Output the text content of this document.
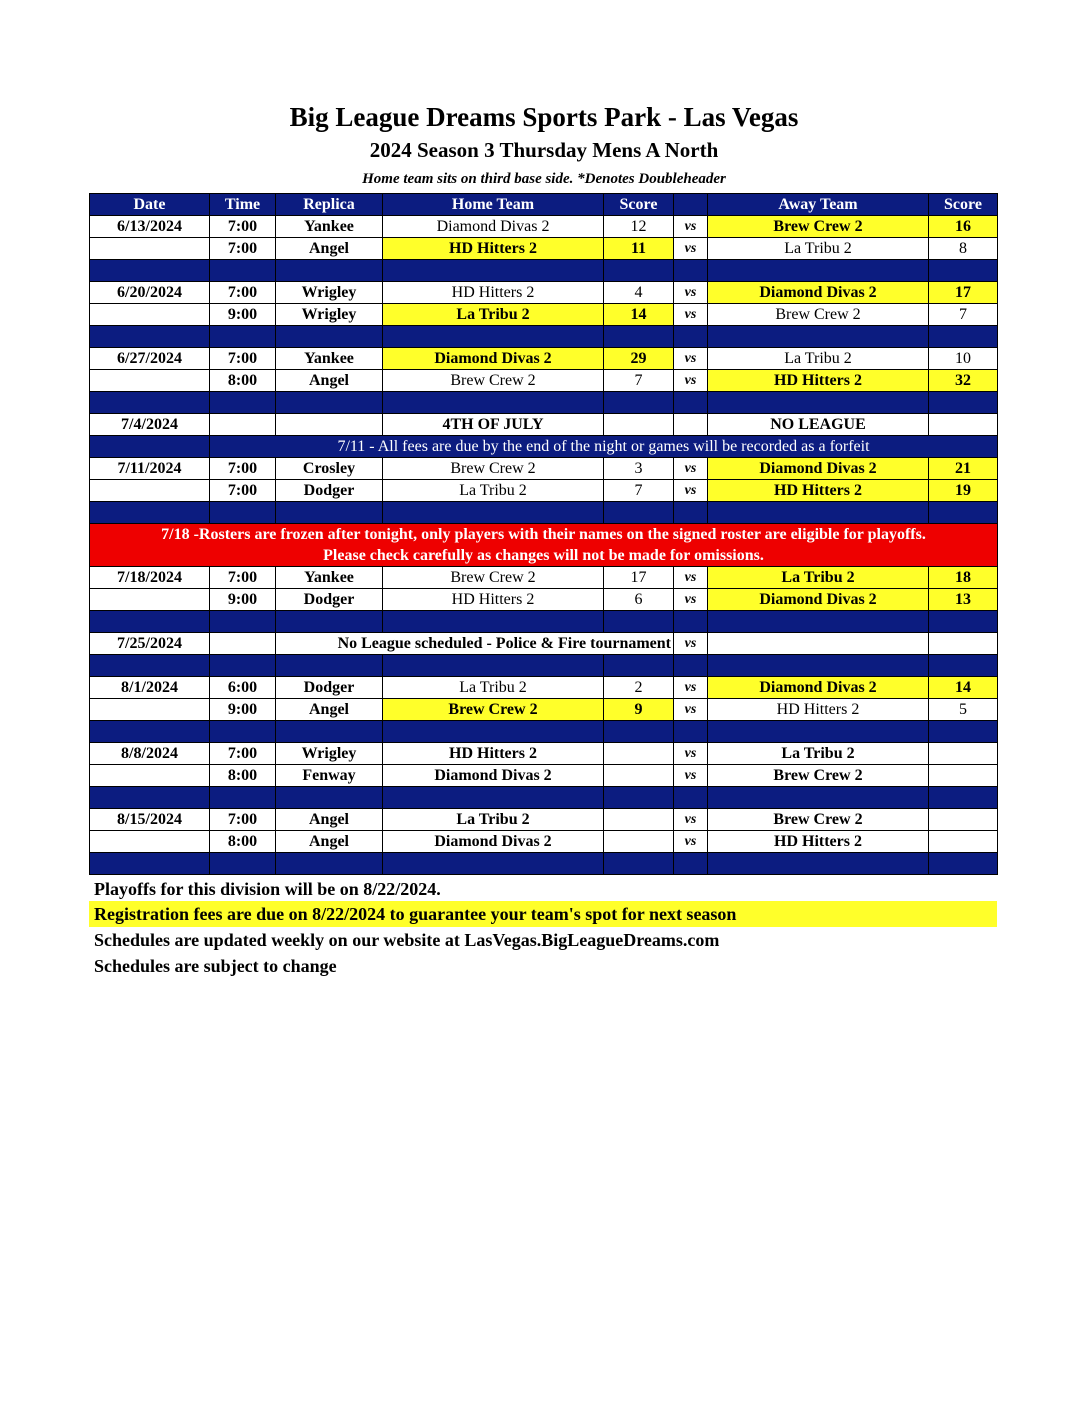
Big League Dreams Sports Park - Las Vegas
2024 Season 3 Thursday Mens A North
Home team sits on third base side. *Denotes Doubleheader
Date	Time	Replica	Home Team	Score		Away Team	Score
6/13/2024	7:00	Yankee	Diamond Divas 2	12	vs	Brew Crew 2	16
	7:00	Angel	HD Hitters 2	11	vs	La Tribu 2	8

6/20/2024	7:00	Wrigley	HD Hitters 2	4	vs	Diamond Divas 2	17
	9:00	Wrigley	La Tribu 2	14	vs	Brew Crew 2	7

6/27/2024	7:00	Yankee	Diamond Divas 2	29	vs	La Tribu 2	10
	8:00	Angel	Brew Crew 2	7	vs	HD Hitters 2	32

7/4/2024			4TH OF JULY			NO LEAGUE	
	7/11 - All fees are due by the end of the night or games will be recorded as a forfeit						
7/11/2024	7:00	Crosley	Brew Crew 2	3	vs	Diamond Divas 2	21
	7:00	Dodger	La Tribu 2	7	vs	HD Hitters 2	19

7/18 -Rosters are frozen after tonight, only players with their names on the signed roster are eligible for playoffs.
Please check carefully as changes will not be made for omissions.							

7/18/2024	7:00	Yankee	Brew Crew 2	17	vs	La Tribu 2	18
	9:00	Dodger	HD Hitters 2	6	vs	Diamond Divas 2	13

7/25/2024		No League scheduled - Police & Fire tournament			vs		

8/1/2024	6:00	Dodger	La Tribu 2	2	vs	Diamond Divas 2	14
	9:00	Angel	Brew Crew 2	9	vs	HD Hitters 2	5

8/8/2024	7:00	Wrigley	HD Hitters 2		vs	La Tribu 2	
	8:00	Fenway	Diamond Divas 2		vs	Brew Crew 2	

8/15/2024	7:00	Angel	La Tribu 2		vs	Brew Crew 2	
	8:00	Angel	Diamond Divas 2		vs	HD Hitters 2	

Playoffs for this division will be on 8/22/2024.
Registration fees are due on 8/22/2024 to guarantee your team's spot for next season
Schedules are updated weekly on our website at LasVegas.BigLeagueDreams.com
Schedules are subject to change
